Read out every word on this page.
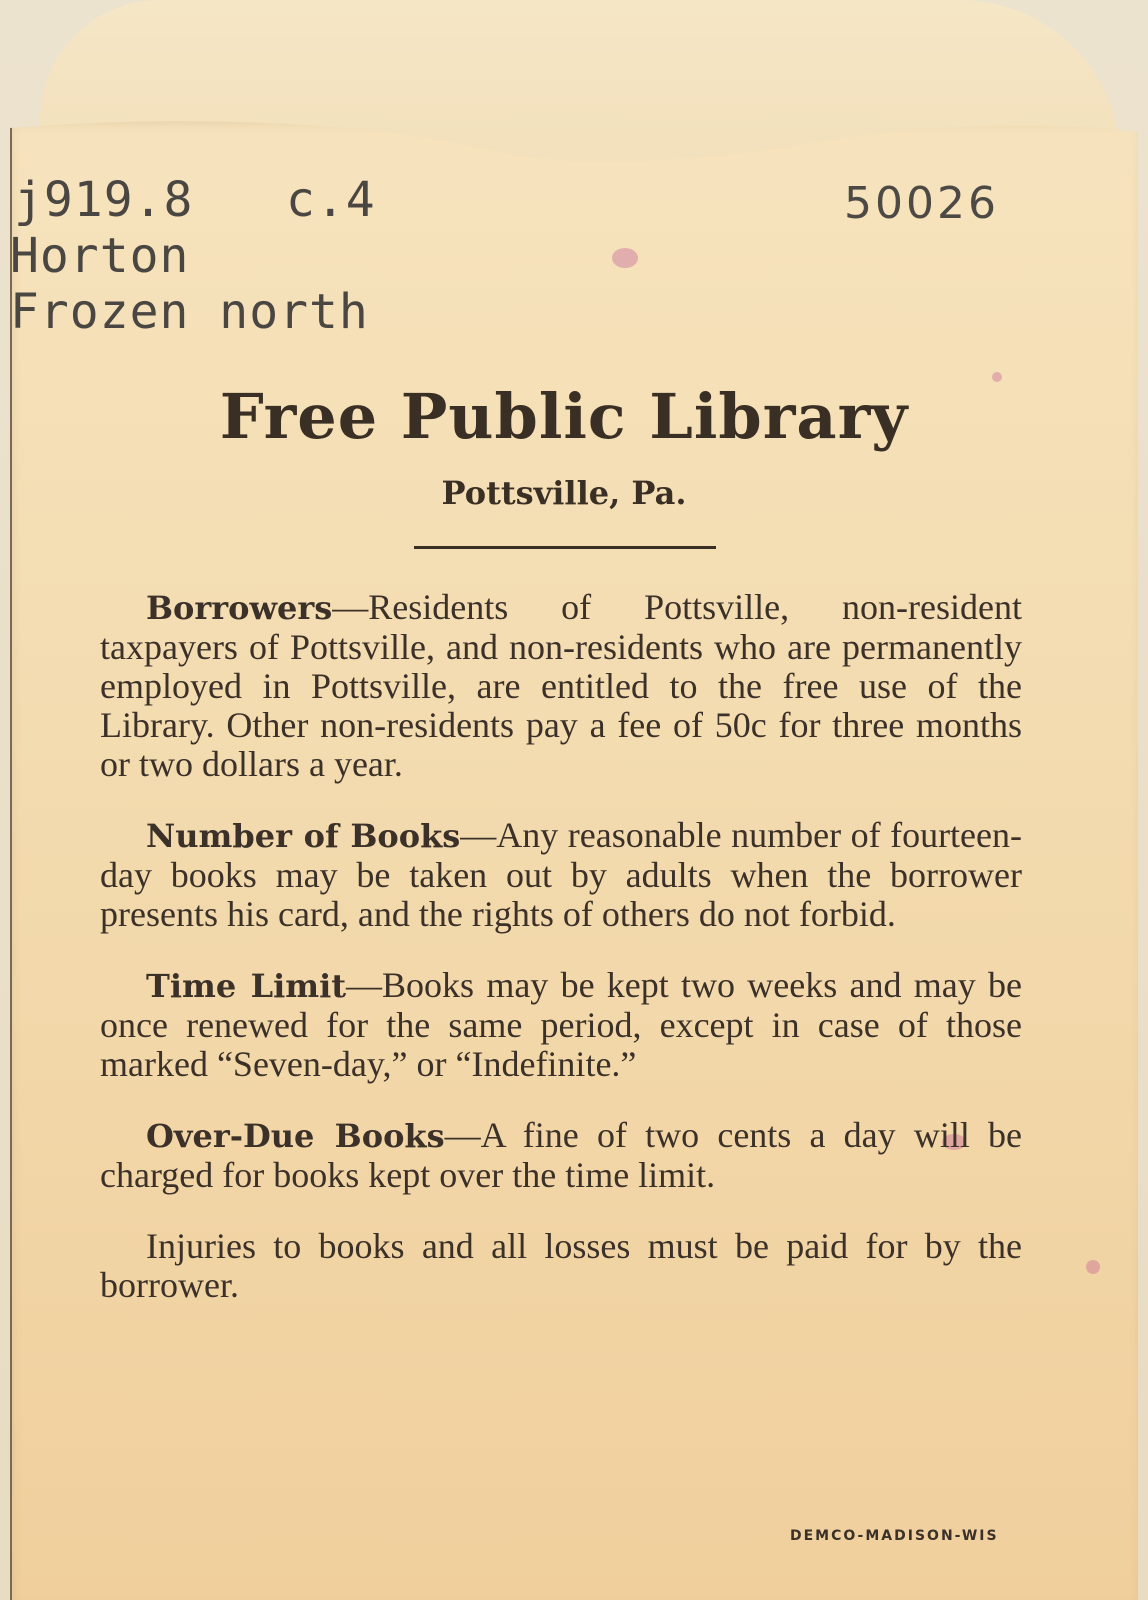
j919.8 c.4	50026
Horton
Frozen north
Free Public Library
Pottsville, Pa.

Borrowers—Residents of Pottsville, non-resident taxpayers of Pottsville, and non-residents who are permanently employed in Pottsville, are entitled to the free use of the Library. Other non-residents pay a fee of 50c for three months or two dollars a year.

Number of Books—Any reasonable number of fourteen-day books may be taken out by adults when the borrower presents his card, and the rights of others do not forbid.

Time Limit—Books may be kept two weeks and may be once renewed for the same period, except in case of those marked “Seven-day,” or “Indefinite.”

Over-Due Books—A fine of two cents a day will be charged for books kept over the time limit.

Injuries to books and all losses must be paid for by the borrower.

DEMCO-MADISON-WIS
